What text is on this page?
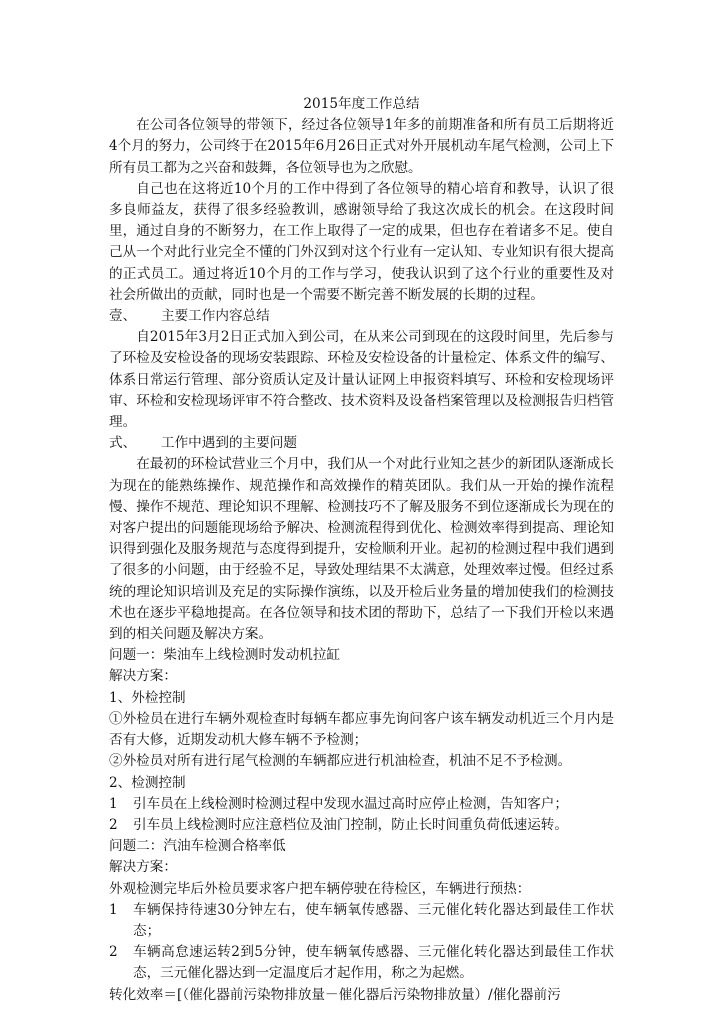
2015年度工作总结

在公司各位领导的带领下，经过各位领导1年多的前期准备和所有员工后期将近4个月的努力，公司终于在2015年6月26日正式对外开展机动车尾气检测，公司上下所有员工都为之兴奋和鼓舞，各位领导也为之欣慰。

自己也在这将近10个月的工作中得到了各位领导的精心培育和教导，认识了很多良师益友，获得了很多经验教训，感谢领导给了我这次成长的机会。在这段时间里，通过自身的不断努力，在工作上取得了一定的成果，但也存在着诸多不足。使自己从一个对此行业完全不懂的门外汉到对这个行业有一定认知、专业知识有很大提高的正式员工。通过将近10个月的工作与学习，使我认识到了这个行业的重要性及对社会所做出的贡献，同时也是一个需要不断完善不断发展的长期的过程。

壹、	主要工作内容总结

自2015年3月2日正式加入到公司，在从来公司到现在的这段时间里，先后参与了环检及安检设备的现场安装跟踪、环检及安检设备的计量检定、体系文件的编写、体系日常运行管理、部分资质认定及计量认证网上申报资料填写、环检和安检现场评审、环检和安检现场评审不符合整改、技术资料及设备档案管理以及检测报告归档管理。

式、	工作中遇到的主要问题

在最初的环检试营业三个月中，我们从一个对此行业知之甚少的新团队逐渐成长为现在的能熟练操作、规范操作和高效操作的精英团队。我们从一开始的操作流程慢、操作不规范、理论知识不理解、检测技巧不了解及服务不到位逐渐成长为现在的对客户提出的问题能现场给予解决、检测流程得到优化、检测效率得到提高、理论知识得到强化及服务规范与态度得到提升，安检顺利开业。起初的检测过程中我们遇到了很多的小问题，由于经验不足，导致处理结果不太满意，处理效率过慢。但经过系统的理论知识培训及充足的实际操作演练，以及开检后业务量的增加使我们的检测技术也在逐步平稳地提高。在各位领导和技术团的帮助下，总结了一下我们开检以来遇到的相关问题及解决方案。

问题一：柴油车上线检测时发动机拉缸

解决方案：

1、外检控制

①外检员在进行车辆外观检查时每辆车都应事先询问客户该车辆发动机近三个月内是否有大修，近期发动机大修车辆不予检测；

②外检员对所有进行尾气检测的车辆都应进行机油检查，机油不足不予检测。

2、检测控制

1	引车员在上线检测时检测过程中发现水温过高时应停止检测，告知客户；
2	引车员上线检测时应注意档位及油门控制，防止长时间重负荷低速运转。

问题二：汽油车检测合格率低

解决方案：

外观检测完毕后外检员要求客户把车辆停驶在待检区，车辆进行预热：

1	车辆保持待速30分钟左右，使车辆氧传感器、三元催化转化器达到最佳工作状态；
2	车辆高怠速运转2到5分钟，使车辆氧传感器、三元催化转化器达到最佳工作状态，三元催化器达到一定温度后才起作用，称之为起燃。

转化效率＝[（催化器前污染物排放量－催化器后污染物排放量）/催化器前污
